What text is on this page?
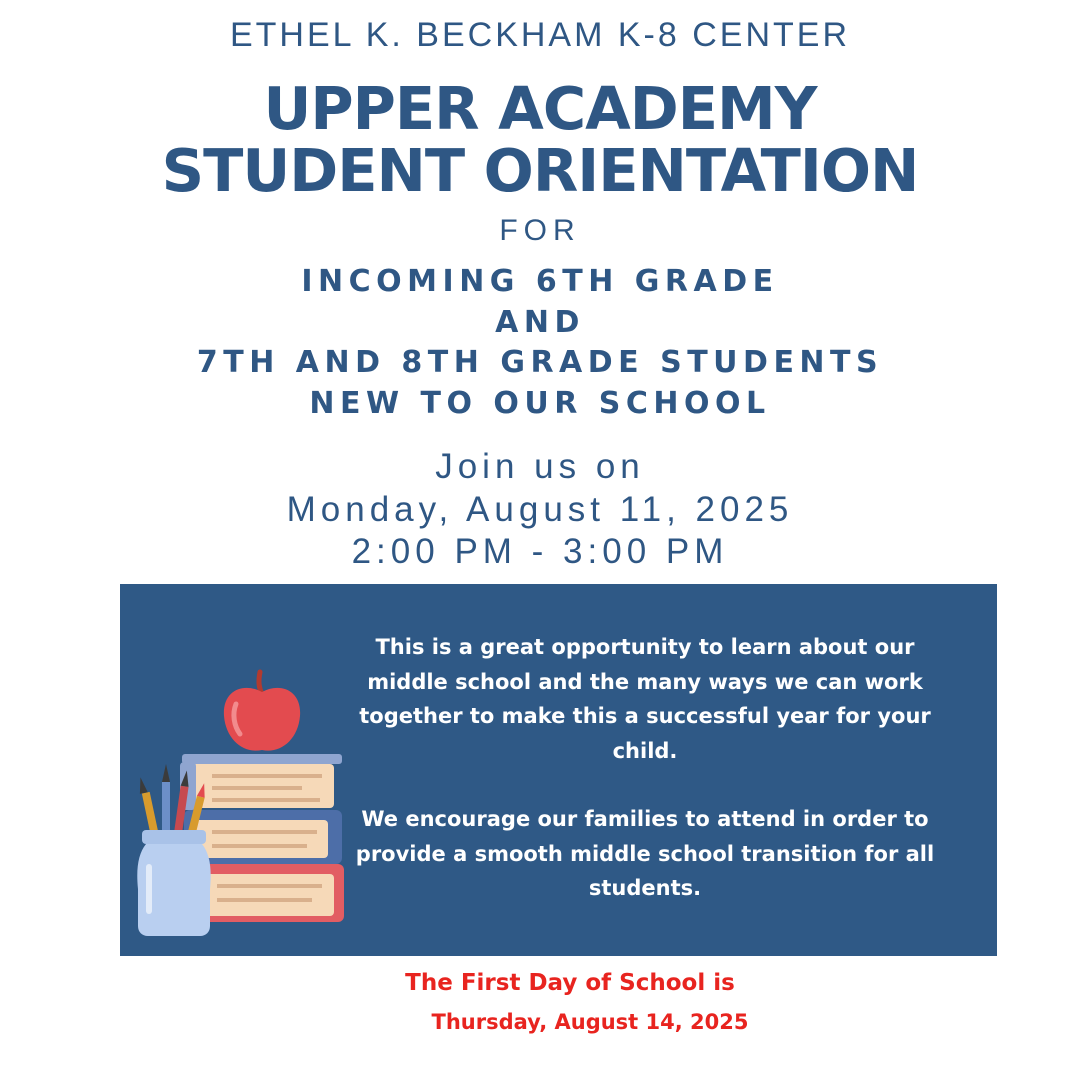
ETHEL K. BECKHAM K-8 CENTER
UPPER ACADEMY
STUDENT ORIENTATION
FOR
INCOMING 6TH GRADE
AND
7TH AND 8TH GRADE STUDENTS
NEW TO OUR SCHOOL
Join us on
Monday, August 11, 2025
2:00 PM - 3:00 PM

This is a great opportunity to learn about our middle school and the many ways we can work together to make this a successful year for your child.

We encourage our families to attend in order to provide a smooth middle school transition for all students.

The First Day of School is
Thursday, August 14, 2025
